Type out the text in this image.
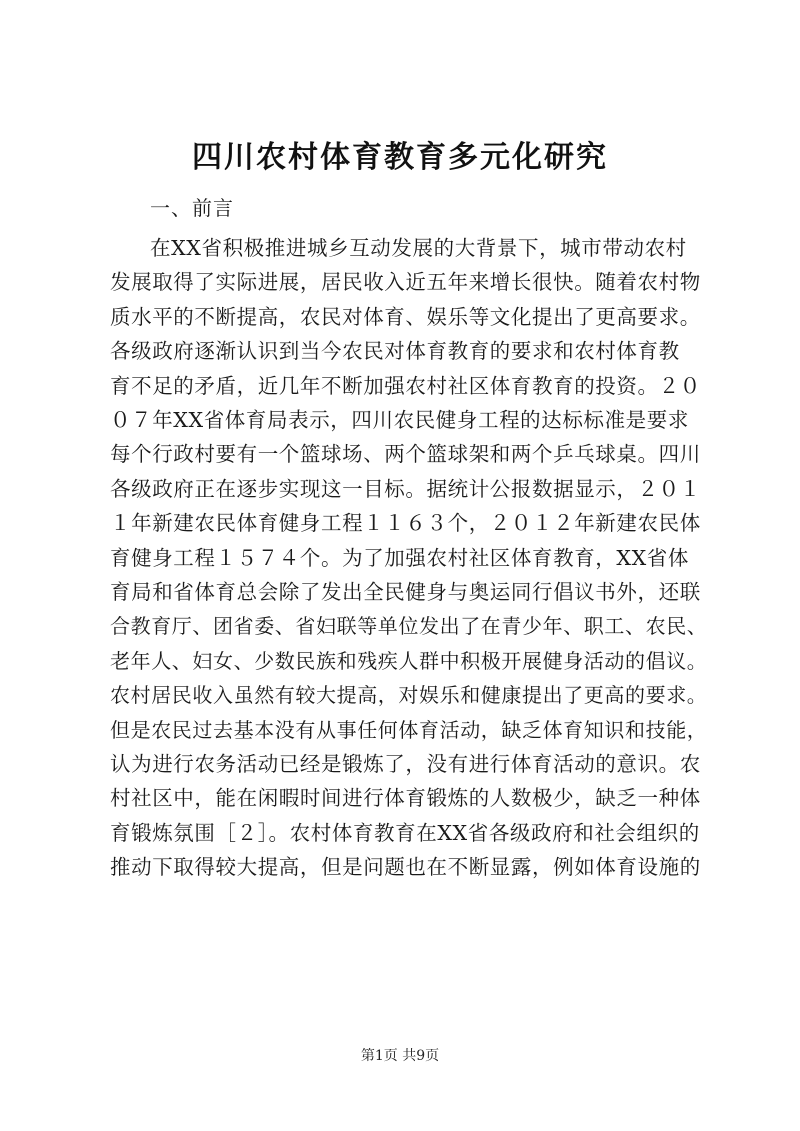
四川农村体育教育多元化研究
一、前言
在XX省积极推进城乡互动发展的大背景下，城市带动农村
发展取得了实际进展，居民收入近五年来增长很快。随着农村物
质水平的不断提高，农民对体育、娱乐等文化提出了更高要求。
各级政府逐渐认识到当今农民对体育教育的要求和农村体育教
育不足的矛盾，近几年不断加强农村社区体育教育的投资。２０
０７年XX省体育局表示，四川农民健身工程的达标标准是要求
每个行政村要有一个篮球场、两个篮球架和两个乒乓球桌。四川
各级政府正在逐步实现这一目标。据统计公报数据显示，２０１
１年新建农民体育健身工程１１６３个，２０１２年新建农民体
育健身工程１５７４个。为了加强农村社区体育教育，XX省体
育局和省体育总会除了发出全民健身与奥运同行倡议书外，还联
合教育厅、团省委、省妇联等单位发出了在青少年、职工、农民、
老年人、妇女、少数民族和残疾人群中积极开展健身活动的倡议。
农村居民收入虽然有较大提高，对娱乐和健康提出了更高的要求。
但是农民过去基本没有从事任何体育活动，缺乏体育知识和技能，
认为进行农务活动已经是锻炼了，没有进行体育活动的意识。农
村社区中，能在闲暇时间进行体育锻炼的人数极少，缺乏一种体
育锻炼氛围［２］。农村体育教育在XX省各级政府和社会组织的
推动下取得较大提高，但是问题也在不断显露，例如体育设施的
第1页 共9页
